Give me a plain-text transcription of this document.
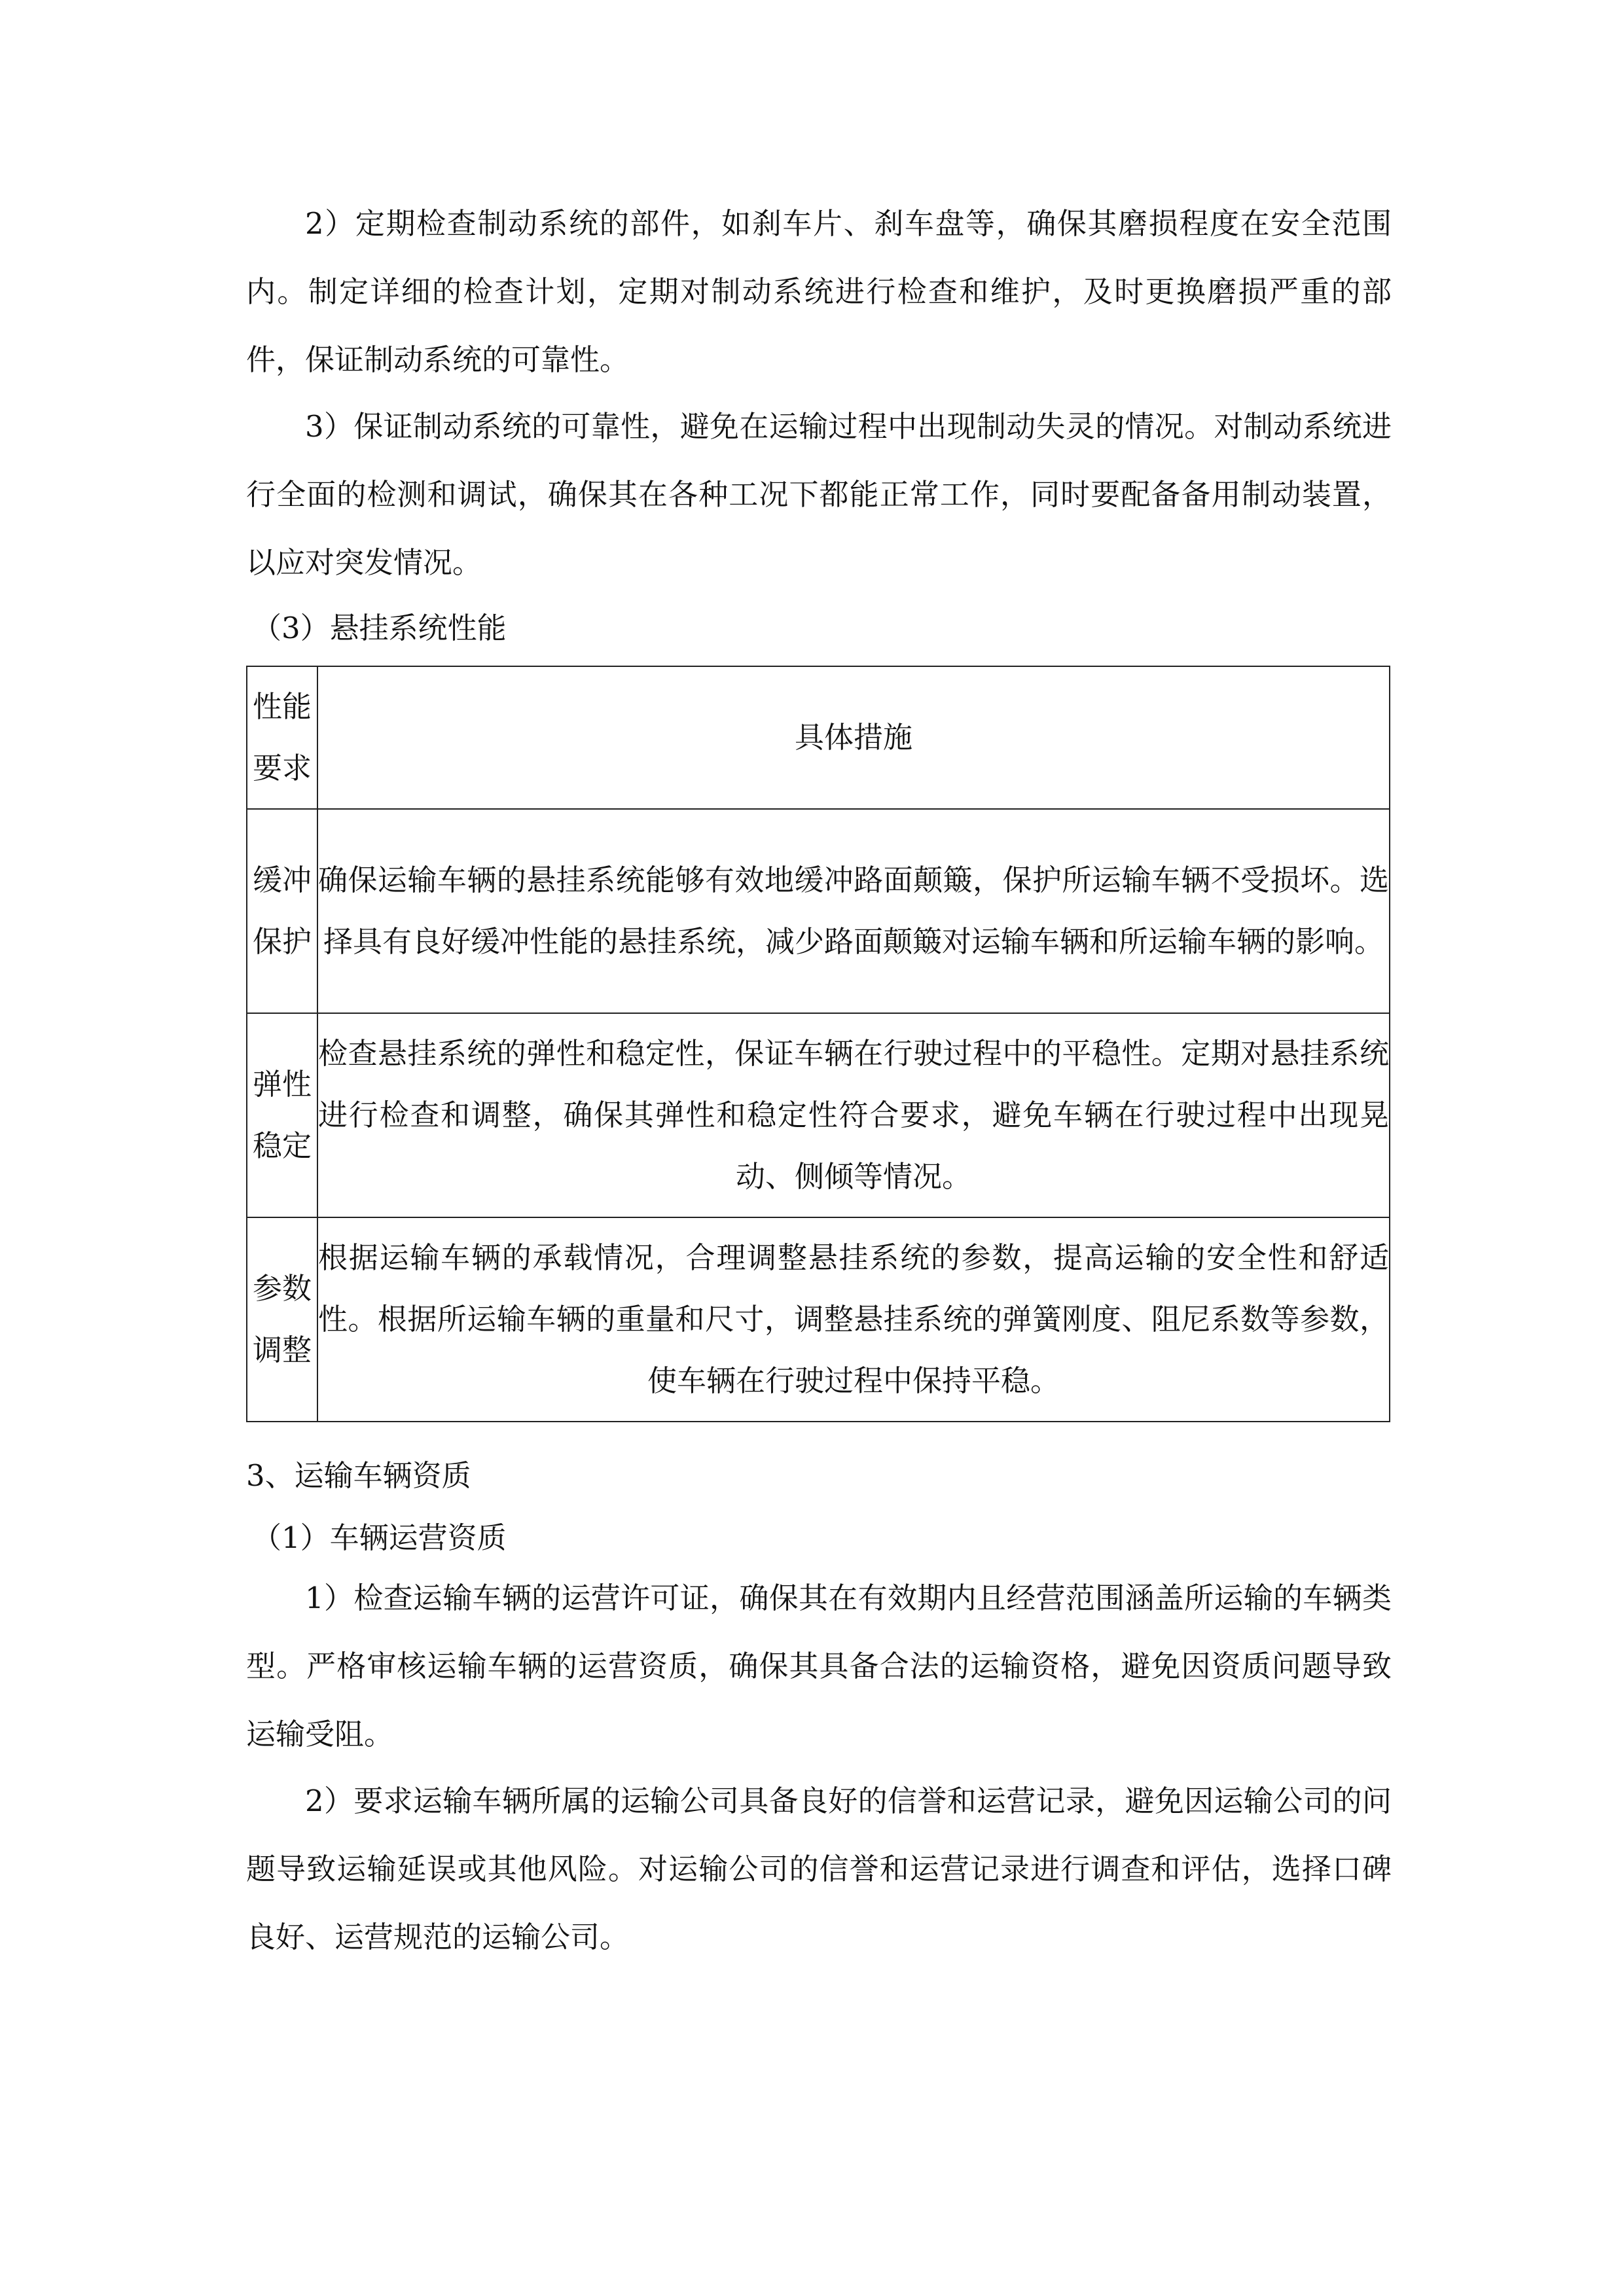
2）定期检查制动系统的部件，如刹车片、刹车盘等，确保其磨损程度在安全范围内。制定详细的检查计划，定期对制动系统进行检查和维护，及时更换磨损严重的部件，保证制动系统的可靠性。

3）保证制动系统的可靠性，避免在运输过程中出现制动失灵的情况。对制动系统进行全面的检测和调试，确保其在各种工况下都能正常工作，同时要配备备用制动装置，以应对突发情况。

（3）悬挂系统性能

性能要求	具体措施
缓冲保护	确保运输车辆的悬挂系统能够有效地缓冲路面颠簸，保护所运输车辆不受损坏。选择具有良好缓冲性能的悬挂系统，减少路面颠簸对运输车辆和所运输车辆的影响。

弹性稳定	检查悬挂系统的弹性和稳定性，保证车辆在行驶过程中的平稳性。定期对悬挂系统进行检查和调整，确保其弹性和稳定性符合要求，避免车辆在行驶过程中出现晃动、侧倾等情况。

参数调整	根据运输车辆的承载情况，合理调整悬挂系统的参数，提高运输的安全性和舒适性。根据所运输车辆的重量和尺寸，调整悬挂系统的弹簧刚度、阻尼系数等参数，使车辆在行驶过程中保持平稳。

3、运输车辆资质

（1）车辆运营资质

1）检查运输车辆的运营许可证，确保其在有效期内且经营范围涵盖所运输的车辆类型。严格审核运输车辆的运营资质，确保其具备合法的运输资格，避免因资质问题导致运输受阻。

2）要求运输车辆所属的运输公司具备良好的信誉和运营记录，避免因运输公司的问题导致运输延误或其他风险。对运输公司的信誉和运营记录进行调查和评估，选择口碑良好、运营规范的运输公司。
